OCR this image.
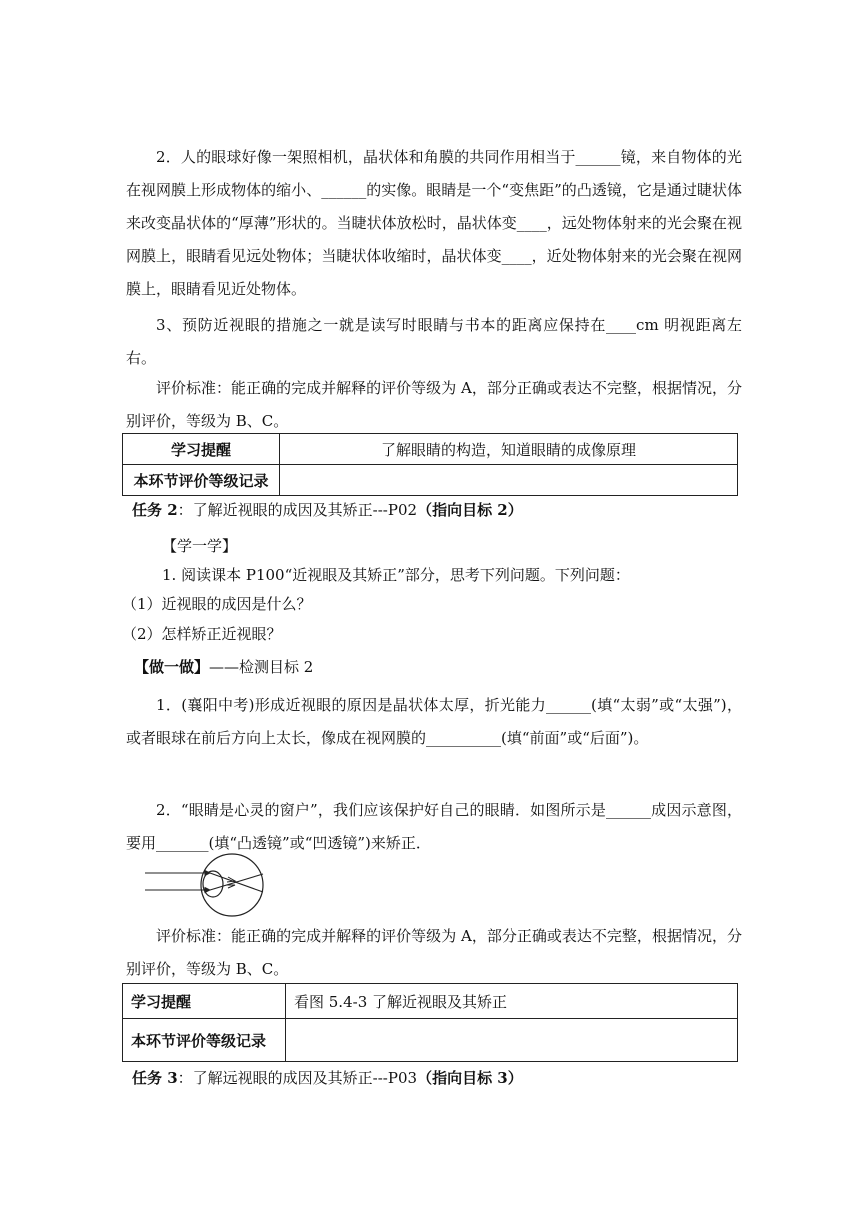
2．人的眼球好像一架照相机，晶状体和角膜的共同作用相当于______镜，来自物体的光在视网膜上形成物体的缩小、______的实像。眼睛是一个“变焦距”的凸透镜，它是通过睫状体来改变晶状体的“厚薄”形状的。当睫状体放松时，晶状体变____，远处物体射来的光会聚在视网膜上，眼睛看见远处物体；当睫状体收缩时，晶状体变____，近处物体射来的光会聚在视网膜上，眼睛看见近处物体。

3、预防近视眼的措施之一就是读写时眼睛与书本的距离应保持在____cm 明视距离左右。

评价标准：能正确的完成并解释的评价等级为 A，部分正确或表达不完整，根据情况，分别评价，等级为 B、C。

学习提醒	了解眼睛的构造，知道眼睛的成像原理
本环节评价等级记录	
任务 2：了解近视眼的成因及其矫正---P02（指向目标 2）
【学一学】
1. 阅读课本 P100“近视眼及其矫正”部分，思考下列问题。下列问题：
（1）近视眼的成因是什么？
（2）怎样矫正近视眼？
【做一做】——检测目标 2

1．(襄阳中考)形成近视眼的原因是晶状体太厚，折光能力______(填“太弱”或“太强”)，或者眼球在前后方向上太长，像成在视网膜的__________(填“前面”或“后面”)。

2．“眼睛是心灵的窗户”，我们应该保护好自己的眼睛．如图所示是______成因示意图，要用_______(填“凸透镜”或“凹透镜”)来矫正．

评价标准：能正确的完成并解释的评价等级为 A，部分正确或表达不完整，根据情况，分别评价，等级为 B、C。

学习提醒	看图 5.4-3 了解近视眼及其矫正
本环节评价等级记录	
任务 3：了解远视眼的成因及其矫正---P03（指向目标 3）
